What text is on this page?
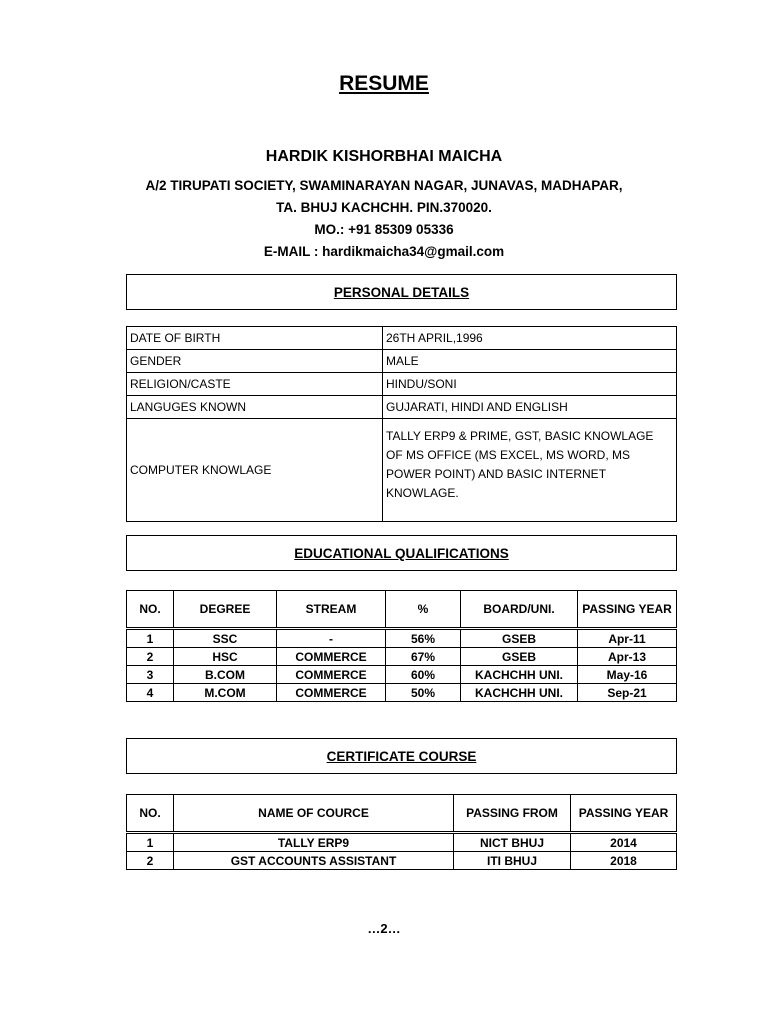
RESUME
HARDIK KISHORBHAI MAICHA
A/2 TIRUPATI SOCIETY, SWAMINARAYAN NAGAR, JUNAVAS, MADHAPAR,
TA. BHUJ KACHCHH. PIN.370020.
MO.: +91 85309 05336
E-MAIL : hardikmaicha34@gmail.com
PERSONAL DETAILS
DATE OF BIRTH	26TH APRIL,1996
GENDER	MALE
RELIGION/CASTE	HINDU/SONI
LANGUGES KNOWN	GUJARATI, HINDI AND ENGLISH
COMPUTER KNOWLAGE	TALLY ERP9 & PRIME, GST, BASIC KNOWLAGE OF MS OFFICE (MS EXCEL, MS WORD, MS POWER POINT) AND BASIC INTERNET KNOWLAGE.
EDUCATIONAL QUALIFICATIONS
NO.	DEGREE	STREAM	%	BOARD/UNI.	PASSING YEAR
1	SSC	-	56%	GSEB	Apr-11
2	HSC	COMMERCE	67%	GSEB	Apr-13
3	B.COM	COMMERCE	60%	KACHCHH UNI.	May-16
4	M.COM	COMMERCE	50%	KACHCHH UNI.	Sep-21
CERTIFICATE COURSE
NO.	NAME OF COURCE	PASSING FROM	PASSING YEAR
1	TALLY ERP9	NICT BHUJ	2014
2	GST ACCOUNTS ASSISTANT	ITI BHUJ	2018
…2…
